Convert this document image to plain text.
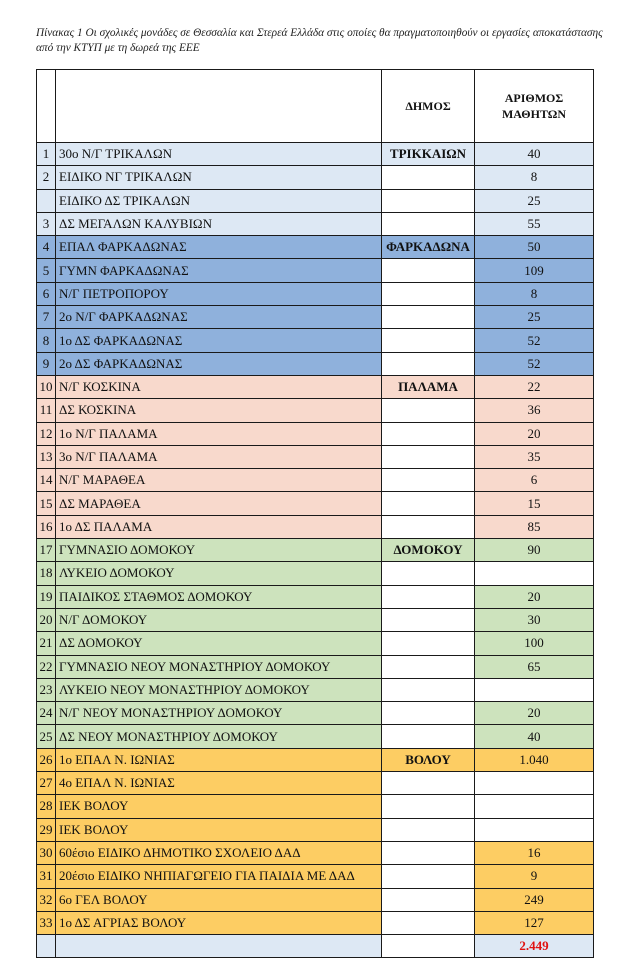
Πίνακας 1 Οι σχολικές μονάδες σε Θεσσαλία και Στερεά Ελλάδα στις οποίες θα πραγματοποιηθούν οι εργασίες αποκατάστασης από την ΚΤΥΠ με τη δωρεά της ΕΕΕ
		ΔΗΜΟΣ	ΑΡΙΘΜΟΣ
ΜΑΘΗΤΩΝ
1	30ο Ν/Γ ΤΡΙΚΑΛΩΝ	ΤΡΙΚΚΑΙΩΝ	40
2	ΕΙΔΙΚΟ ΝΓ ΤΡΙΚΑΛΩΝ		8
	ΕΙΔΙΚΟ ΔΣ ΤΡΙΚΑΛΩΝ		25
3	ΔΣ ΜΕΓΑΛΩΝ ΚΑΛΥΒΙΩΝ		55
4	ΕΠΑΛ ΦΑΡΚΑΔΩΝΑΣ	ΦΑΡΚΑΔΩΝΑ	50
5	ΓΥΜΝ ΦΑΡΚΑΔΩΝΑΣ		109
6	Ν/Γ ΠΕΤΡΟΠΟΡΟΥ		8
7	2ο Ν/Γ ΦΑΡΚΑΔΩΝΑΣ		25
8	1ο ΔΣ ΦΑΡΚΑΔΩΝΑΣ		52
9	2ο ΔΣ ΦΑΡΚΑΔΩΝΑΣ		52
10	Ν/Γ ΚΟΣΚΙΝΑ	ΠΑΛΑΜΑ	22
11	ΔΣ ΚΟΣΚΙΝΑ		36
12	1ο Ν/Γ ΠΑΛΑΜΑ		20
13	3ο Ν/Γ ΠΑΛΑΜΑ		35
14	Ν/Γ ΜΑΡΑΘΕΑ		6
15	ΔΣ ΜΑΡΑΘΕΑ		15
16	1ο ΔΣ ΠΑΛΑΜΑ		85
17	ΓΥΜΝΑΣΙΟ ΔΟΜΟΚΟΥ	ΔΟΜΟΚΟΥ	90
18	ΛΥΚΕΙΟ ΔΟΜΟΚΟΥ		
19	ΠΑΙΔΙΚΟΣ ΣΤΑΘΜΟΣ ΔΟΜΟΚΟΥ		20
20	Ν/Γ ΔΟΜΟΚΟΥ		30
21	ΔΣ ΔΟΜΟΚΟΥ		100
22	ΓΥΜΝΑΣΙΟ ΝΕΟΥ ΜΟΝΑΣΤΗΡΙΟΥ ΔΟΜΟΚΟΥ		65
23	ΛΥΚΕΙΟ ΝΕΟΥ ΜΟΝΑΣΤΗΡΙΟΥ ΔΟΜΟΚΟΥ		
24	Ν/Γ ΝΕΟΥ ΜΟΝΑΣΤΗΡΙΟΥ ΔΟΜΟΚΟΥ		20
25	ΔΣ ΝΕΟΥ ΜΟΝΑΣΤΗΡΙΟΥ ΔΟΜΟΚΟΥ		40
26	1ο ΕΠΑΛ Ν. ΙΩΝΙΑΣ	ΒΟΛΟΥ	1.040
27	4ο ΕΠΑΛ Ν. ΙΩΝΙΑΣ		
28	ΙΕΚ ΒΟΛΟΥ		
29	ΙΕΚ ΒΟΛΟΥ		
30	60έσιο ΕΙΔΙΚΟ ΔΗΜΟΤΙΚΟ ΣΧΟΛΕΙΟ ΔΑΔ		16
31	20έσιο ΕΙΔΙΚΟ ΝΗΠΙΑΓΩΓΕΙΟ ΓΙΑ ΠΑΙΔΙΑ ΜΕ ΔΑΔ		9
32	6ο ΓΕΛ ΒΟΛΟΥ		249
33	1ο ΔΣ ΑΓΡΙΑΣ ΒΟΛΟΥ		127
			2.449
